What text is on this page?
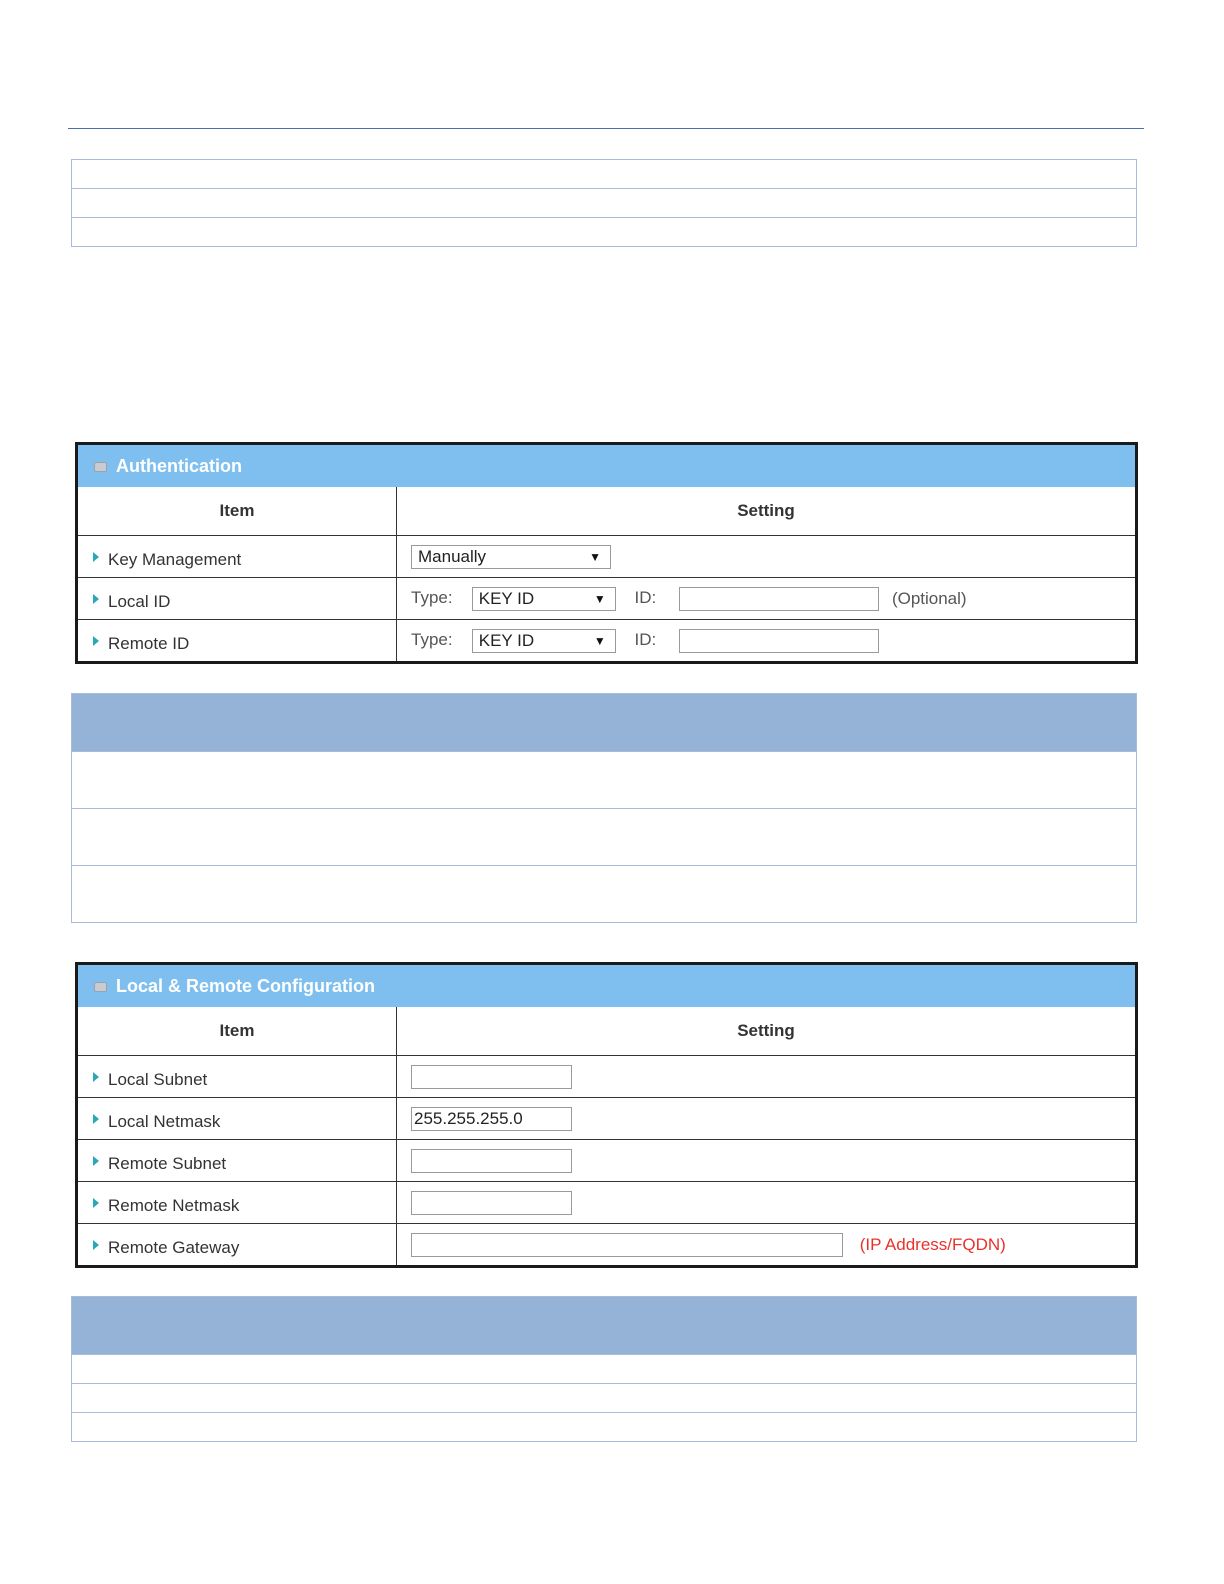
Authentication
Item	Setting
Key Management	Manually ▼

Local ID	Type: KEY ID ▼ ID: (Optional)
Remote ID	Type: KEY ID ▼ ID:
Local & Remote Configuration
Item	Setting
Local Subnet	
Local Netmask	255.255.255.0
Remote Subnet	
Remote Netmask	
Remote Gateway	(IP Address/FQDN)
